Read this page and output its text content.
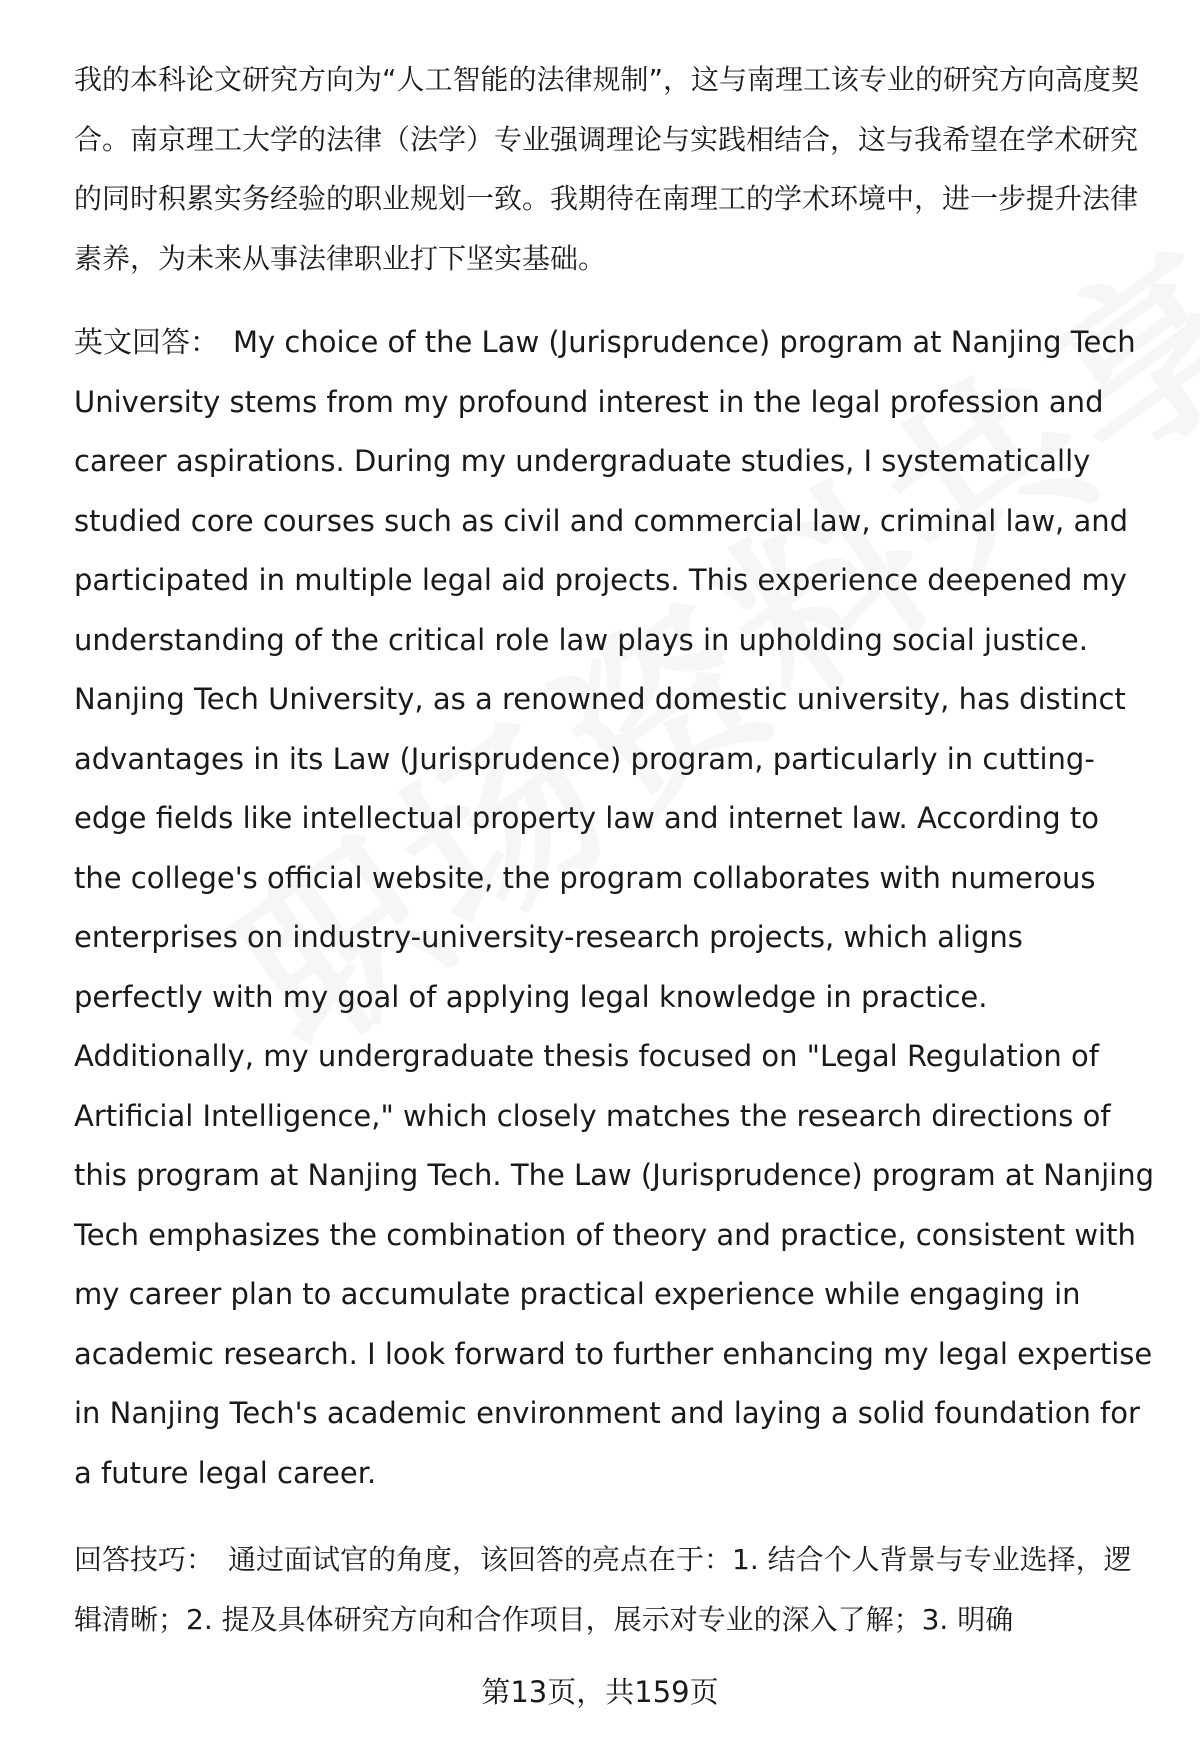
我的本科论文研究方向为“人工智能的法律规制”，这与南理工该专业的研究方向高度契合。南京理工大学的法律（法学）专业强调理论与实践相结合，这与我希望在学术研究的同时积累实务经验的职业规划一致。我期待在南理工的学术环境中，进一步提升法律素养，为未来从事法律职业打下坚实基础。

英文回答： My choice of the Law (Jurisprudence) program at Nanjing Tech University stems from my profound interest in the legal profession and career aspirations. During my undergraduate studies, I systematically studied core courses such as civil and commercial law, criminal law, and participated in multiple legal aid projects. This experience deepened my understanding of the critical role law plays in upholding social justice. Nanjing Tech University, as a renowned domestic university, has distinct advantages in its Law (Jurisprudence) program, particularly in cutting-edge fields like intellectual property law and internet law. According to the college's official website, the program collaborates with numerous enterprises on industry-university-research projects, which aligns perfectly with my goal of applying legal knowledge in practice. Additionally, my undergraduate thesis focused on "Legal Regulation of Artificial Intelligence," which closely matches the research directions of this program at Nanjing Tech. The Law (Jurisprudence) program at Nanjing Tech emphasizes the combination of theory and practice, consistent with my career plan to accumulate practical experience while engaging in academic research. I look forward to further enhancing my legal expertise in Nanjing Tech's academic environment and laying a solid foundation for a future legal career.

回答技巧： 通过面试官的角度，该回答的亮点在于：1. 结合个人背景与专业选择，逻辑清晰；2. 提及具体研究方向和合作项目，展示对专业的深入了解；3. 明确

第13页，共159页
